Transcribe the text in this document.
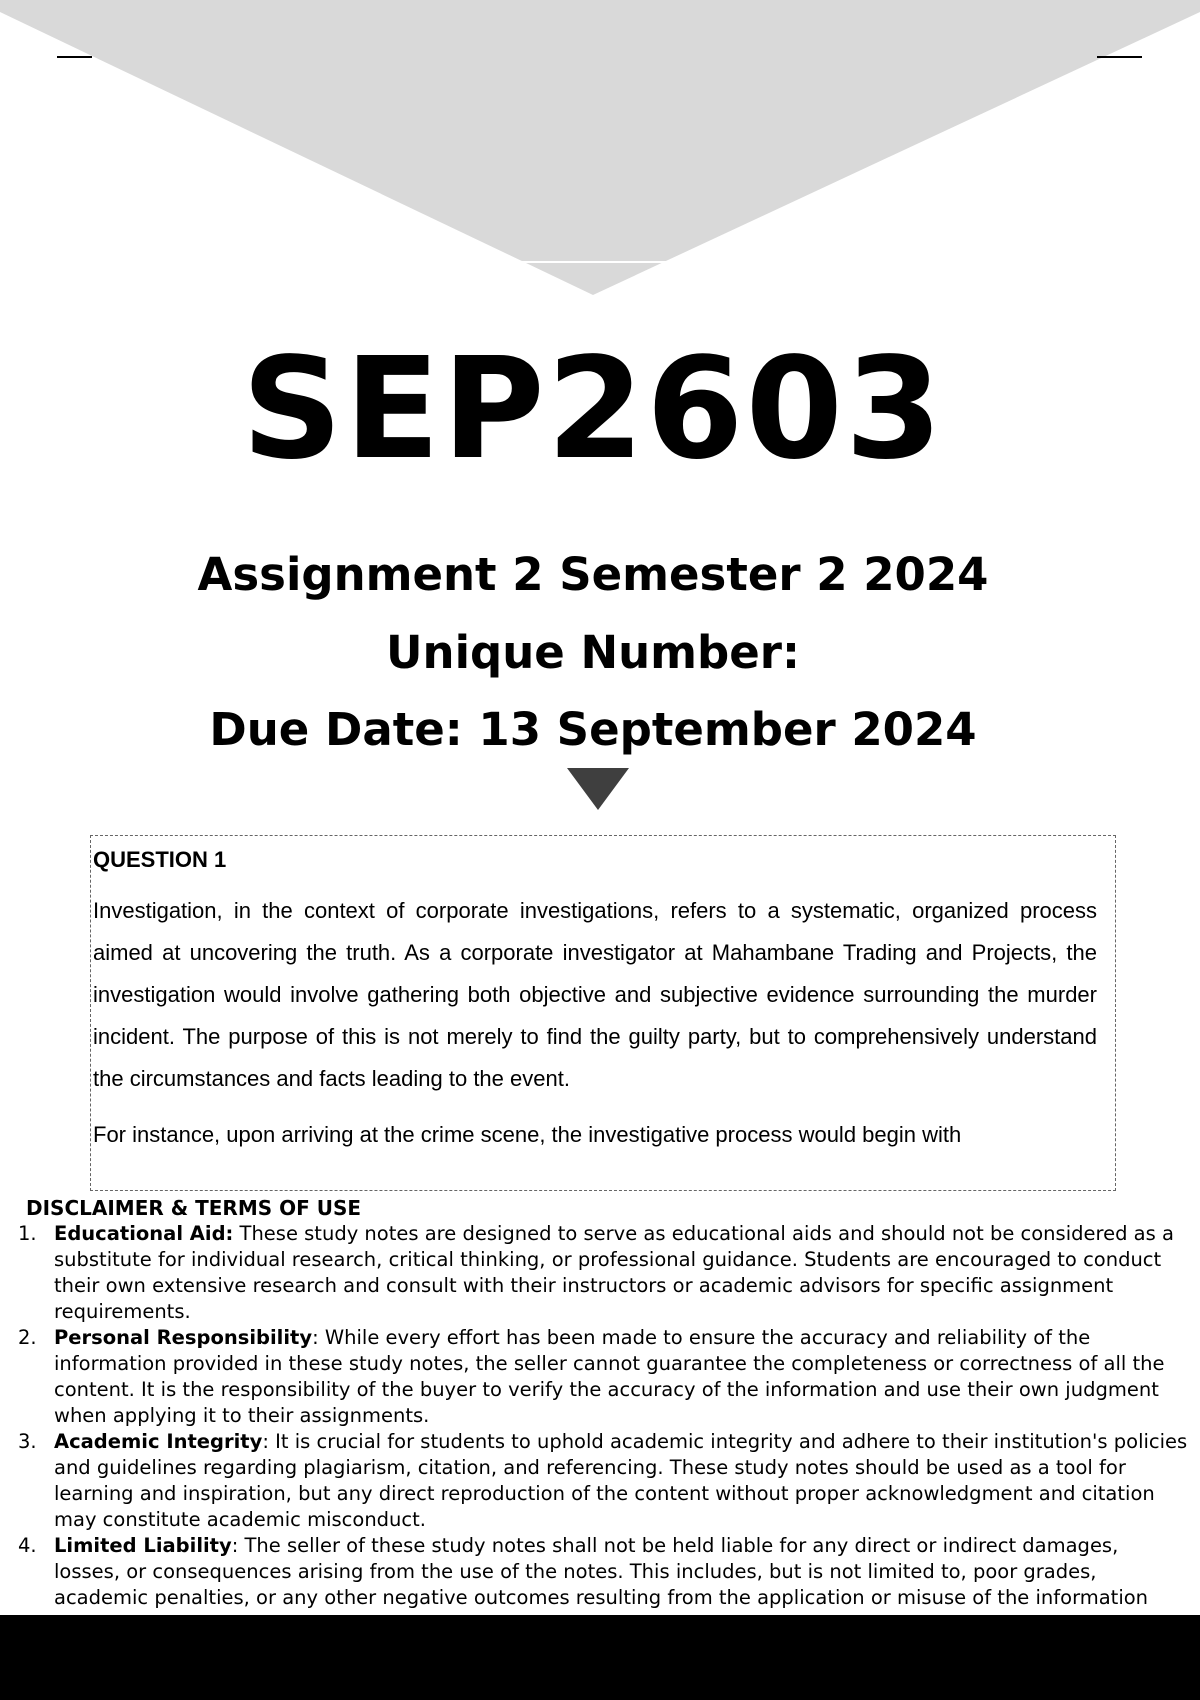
SEP2603
Assignment 2 Semester 2 2024
Unique Number:
Due Date: 13 September 2024
QUESTION 1

Investigation, in the context of corporate investigations, refers to a systematic, organized process aimed at uncovering the truth. As a corporate investigator at Mahambane Trading and Projects, the investigation would involve gathering both objective and subjective evidence surrounding the murder incident. The purpose of this is not merely to find the guilty party, but to comprehensively understand the circumstances and facts leading to the event.

For instance, upon arriving at the crime scene, the investigative process would begin with

DISCLAIMER & TERMS OF USE
1. Educational Aid: These study notes are designed to serve as educational aids and should not be considered as a substitute for individual research, critical thinking, or professional guidance. Students are encouraged to conduct their own extensive research and consult with their instructors or academic advisors for specific assignment requirements.
2. Personal Responsibility: While every effort has been made to ensure the accuracy and reliability of the information provided in these study notes, the seller cannot guarantee the completeness or correctness of all the content. It is the responsibility of the buyer to verify the accuracy of the information and use their own judgment when applying it to their assignments.
3. Academic Integrity: It is crucial for students to uphold academic integrity and adhere to their institution's policies and guidelines regarding plagiarism, citation, and referencing. These study notes should be used as a tool for learning and inspiration, but any direct reproduction of the content without proper acknowledgment and citation may constitute academic misconduct.
4. Limited Liability: The seller of these study notes shall not be held liable for any direct or indirect damages, losses, or consequences arising from the use of the notes. This includes, but is not limited to, poor grades, academic penalties, or any other negative outcomes resulting from the application or misuse of the information
